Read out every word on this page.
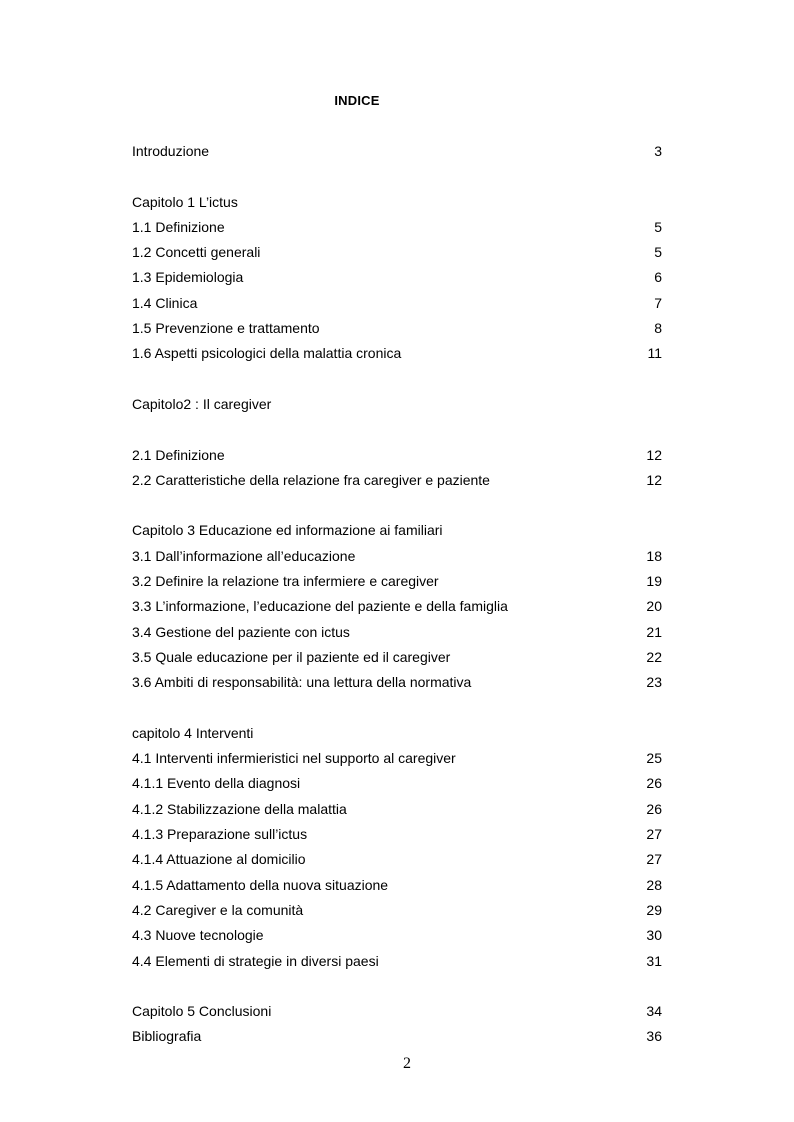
INDICE
Introduzione	3
Capitolo 1 L’ictus
1.1 Definizione	5
1.2 Concetti generali	5
1.3 Epidemiologia	6
1.4 Clinica	7
1.5 Prevenzione e trattamento	8
1.6 Aspetti psicologici della malattia cronica	11
Capitolo2 : Il caregiver
2.1 Definizione	12
2.2 Caratteristiche della relazione fra caregiver e paziente	12
Capitolo 3 Educazione ed informazione ai familiari
3.1 Dall’informazione all’educazione	18
3.2 Definire la relazione tra infermiere e caregiver	19
3.3 L’informazione, l’educazione del paziente e della famiglia	20
3.4 Gestione del paziente con ictus	21
3.5 Quale educazione per il paziente ed il caregiver	22
3.6 Ambiti di responsabilità: una lettura della normativa	23
capitolo 4 Interventi
4.1 Interventi infermieristici nel supporto al caregiver	25
4.1.1 Evento della diagnosi	26
4.1.2 Stabilizzazione della malattia	26
4.1.3 Preparazione sull’ictus	27
4.1.4 Attuazione al domicilio	27
4.1.5 Adattamento della nuova situazione	28
4.2 Caregiver e la comunità	29
4.3 Nuove tecnologie	30
4.4 Elementi di strategie in diversi paesi	31
Capitolo 5 Conclusioni	34
Bibliografia	36
2
